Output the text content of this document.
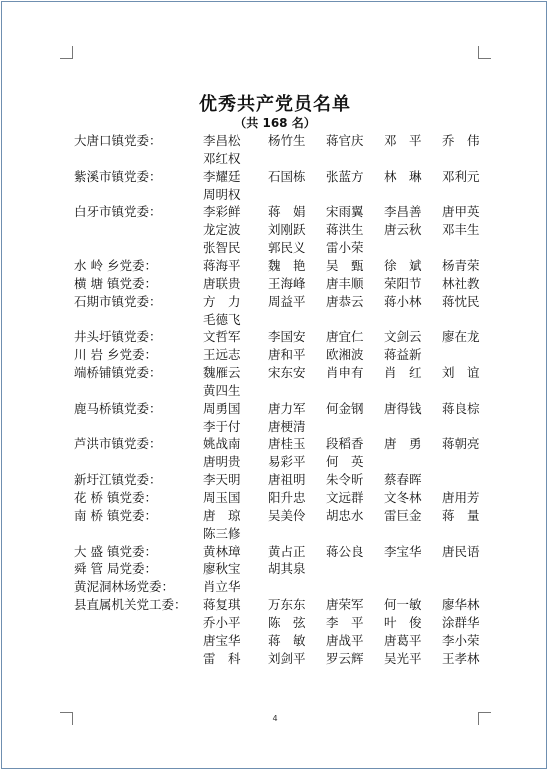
优秀共产党员名单
（共 168 名）
大唐口镇党委：	李昌松 杨竹生 蒋官庆 邓　平 乔　伟
邓红权
紫溪市镇党委：	李耀廷 石国栋 张蓝方 林　琳 邓利元
周明权
白牙市镇党委：	李彩鲜 蒋　娟 宋雨翼 李昌善 唐甲英
龙定波 刘刚跃 蒋洪生 唐云秋 邓丰生
张智民 郭民义 雷小荣
水 岭 乡党委：	蒋海平 魏　艳 吴　甄 徐　斌 杨青荣
横 塘 镇党委：	唐联贵 王海峰 唐丰顺 荣阳节 林社教
石期市镇党委：	方　力 周益平 唐恭云 蒋小林 蒋忱民
毛德飞
井头圩镇党委：	文哲军 李国安 唐宜仁 文剑云 廖在龙
川 岩 乡党委：	王远志 唐和平 欧湘波 蒋益新
端桥铺镇党委：	魏雁云 宋东安 肖申有 肖　红 刘　谊
黄四生
鹿马桥镇党委：	周勇国 唐力军 何金钢 唐得钱 蒋良棕
李于付 唐梗清
芦洪市镇党委：	姚战南 唐桂玉 段稻香 唐　勇 蒋朝亮
唐明贵 易彩平 何　英
新圩江镇党委：	李天明 唐祖明 朱令昕 蔡春晖
花 桥 镇党委：	周玉国 阳升忠 文远群 文冬林 唐用芳
南 桥 镇党委：	唐　琼 吴美伶 胡忠水 雷巨金 蒋　量
陈三修
大 盛 镇党委：	黄林璋 黄占正 蒋公良 李宝华 唐民语
舜 管 局党委：	廖秋宝 胡其泉
黄泥洞林场党委：	肖立华
县直属机关党工委：	蒋复琪 万东东 唐荣军 何一敏 廖华林
乔小平 陈　弦 李　平 叶　俊 涂群华
唐宝华 蒋　敏 唐战平 唐葛平 李小荣
雷　科 刘剑平 罗云辉 吴光平 王孝林
4
